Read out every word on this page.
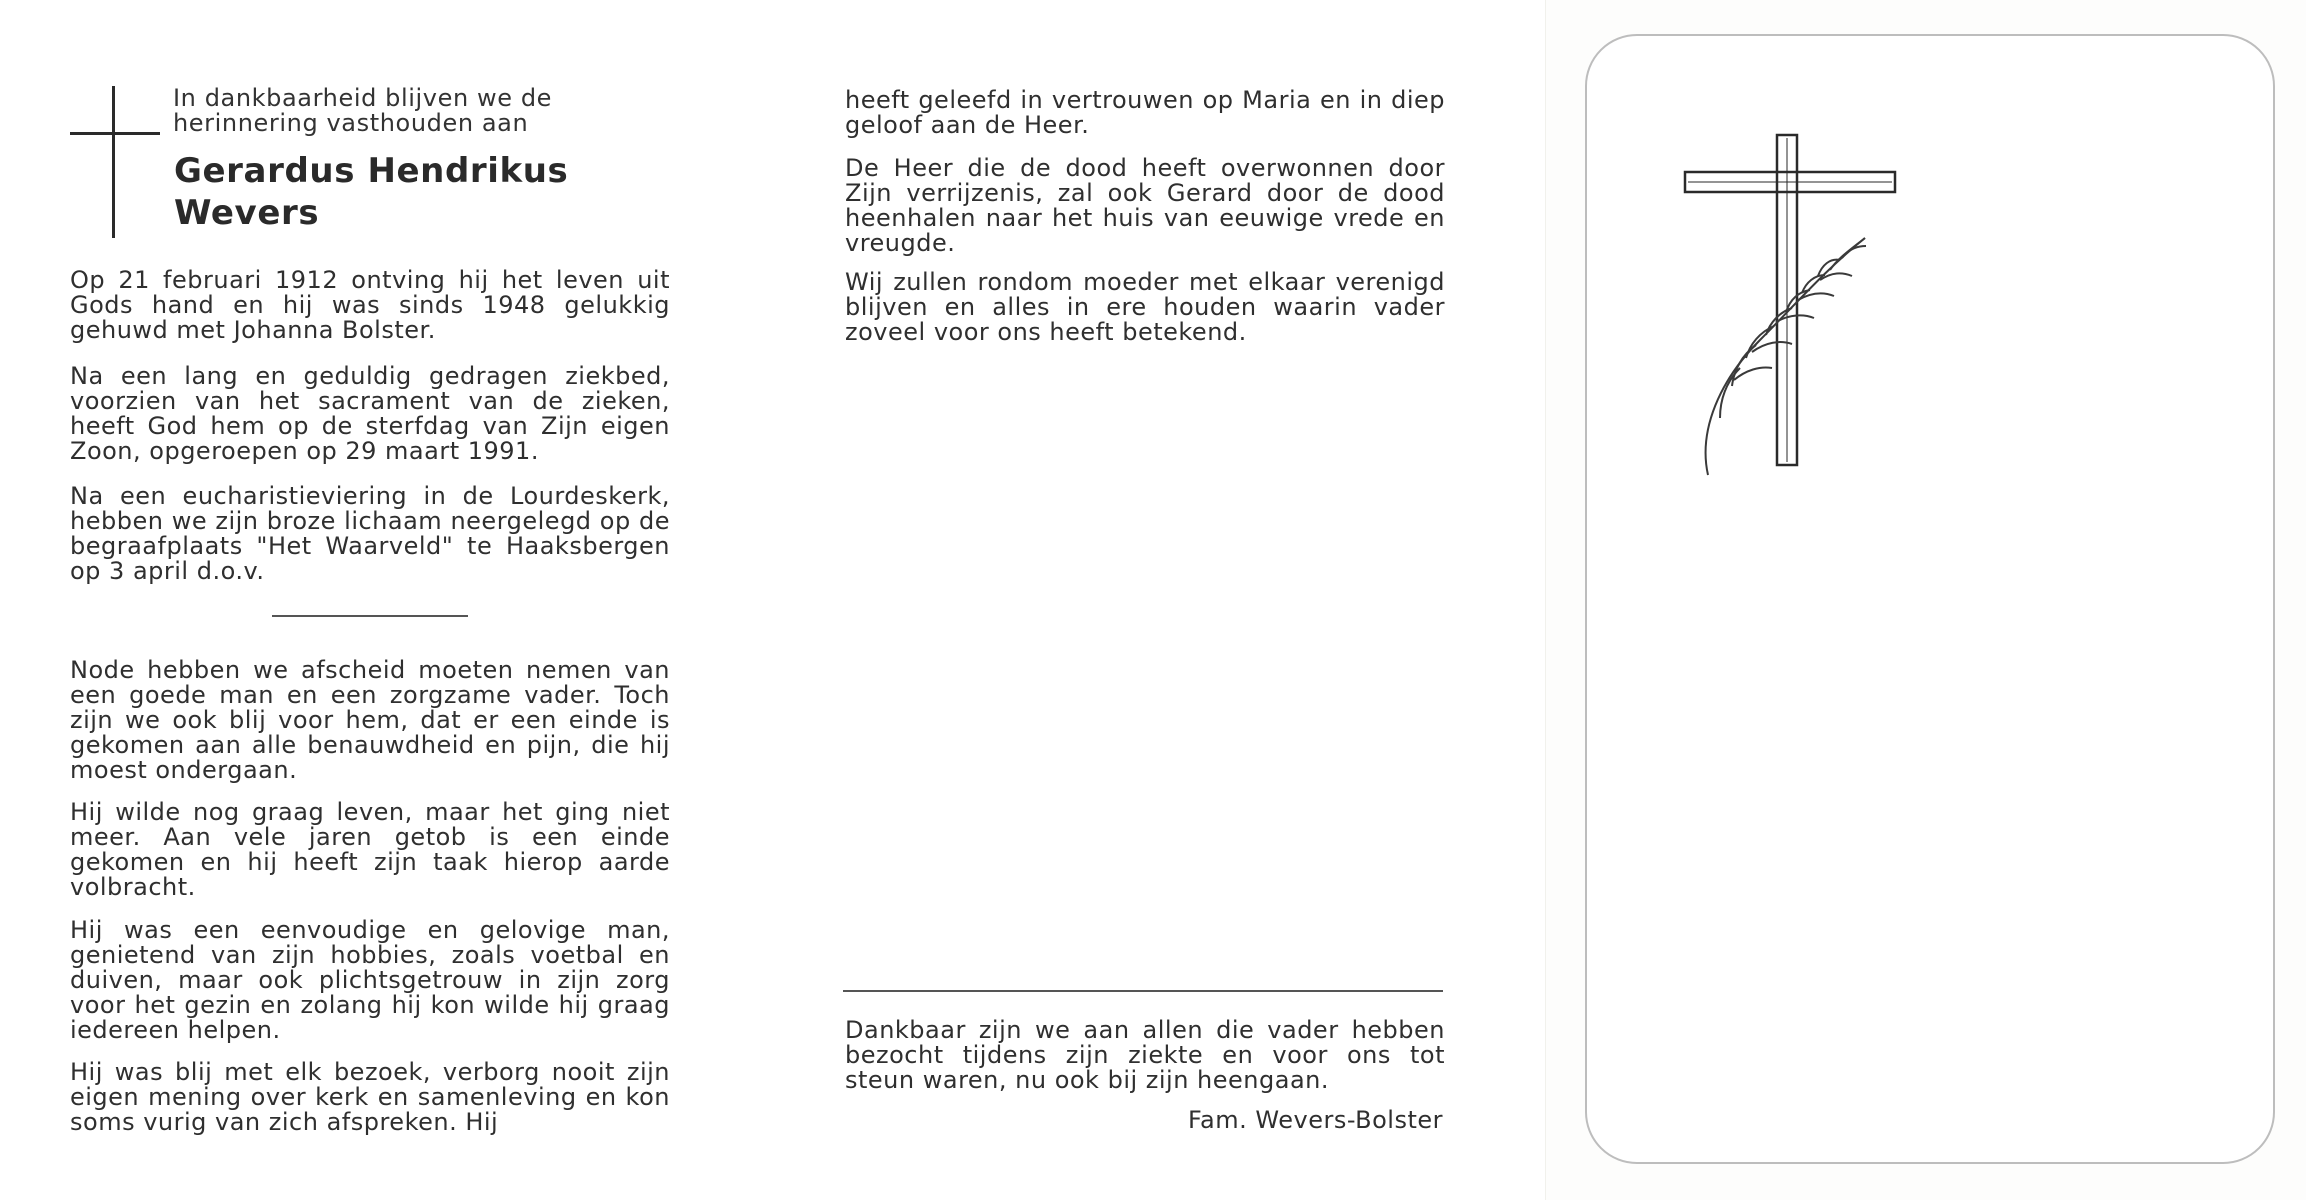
In dankbaarheid blijven we de herinnering vasthouden aan
Gerardus Hendrikus
Wevers

Op 21 februari 1912 ontving hij het leven uit Gods hand en hij was sinds 1948 gelukkig gehuwd met Johanna Bolster.

Na een lang en geduldig gedragen ziekbed, voorzien van het sacrament van de zieken, heeft God hem op de sterfdag van Zijn eigen Zoon, opgeroepen op 29 maart 1991.

Na een eucharistieviering in de Lourdeskerk, hebben we zijn broze lichaam neergelegd op de begraafplaats "Het Waarveld" te Haaksbergen op 3 april d.o.v.

Node hebben we afscheid moeten nemen van een goede man en een zorgzame vader. Toch zijn we ook blij voor hem, dat er een einde is gekomen aan alle benauwdheid en pijn, die hij moest ondergaan.

Hij wilde nog graag leven, maar het ging niet meer. Aan vele jaren getob is een einde gekomen en hij heeft zijn taak hierop aarde volbracht.

Hij was een eenvoudige en gelovige man, genietend van zijn hobbies, zoals voetbal en duiven, maar ook plichtsgetrouw in zijn zorg voor het gezin en zolang hij kon wilde hij graag iedereen helpen.

Hij was blij met elk bezoek, verborg nooit zijn eigen mening over kerk en samenleving en kon soms vurig van zich afspreken. Hij

heeft geleefd in vertrouwen op Maria en in diep geloof aan de Heer.

De Heer die de dood heeft overwonnen door Zijn verrijzenis, zal ook Gerard door de dood heenhalen naar het huis van eeuwige vrede en vreugde.

Wij zullen rondom moeder met elkaar verenigd blijven en alles in ere houden waarin vader zoveel voor ons heeft betekend.

Dankbaar zijn we aan allen die vader hebben bezocht tijdens zijn ziekte en voor ons tot steun waren, nu ook bij zijn heengaan.

Fam. Wevers-Bolster
